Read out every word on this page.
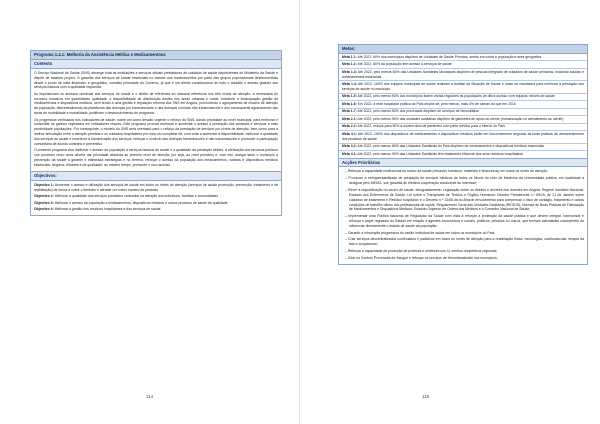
Programa 1.4.1: Melhoria da Assistência Médica e Medicamentosa
Contexto
O Serviço Nacional de Saúde (SNS) abrange toda as instituições e serviços oficiais prestadores de cuidados de saúde dependentes do Ministério da Saúde e dispõe de estatuto próprio. A garantia dos serviços de saúde essenciais no acesso aos medicamentos por parte das grupos populacionais desfavorecidas desde o ponto de vista financeiro e geográfico, constitui prioridade do Governo, já que é um direito constitucional de todo o cidadão o acesso gratuito aos serviços básicos com a qualidade requerida.
As impulsionam os acessos universal aos serviços de saúde e o direito de referência ao nacional referência nos três níveis de atenção, a necessária de recursos humanos em quantidades qualidade, a disponibilidade de distribuição destes nos áreas urbanas e rurais, fortalecer a inadequação gestão de medicamentos e dispositivos médicos, bem tendo a uma gestão e regulação reforma dos SNS em Angola, promovendo o agrupamento de modelo de atenção da população, descentralizando da plataforma das doenças por transmissíveis e das doenças crónicas não transmissíveis e dos consequente agravamento das taxas de morbilidade e mortalidade, justificam o desenvolvimento de programa.
Os progressos verificados nos indicadores de saúde, sobre um como desafio urgente o reforço do SNS, dando prioridade ao nível municipal, para melhorar e consolidar as ganhos registados em indicadores chaves. Este programa procura melhorar e aumentar o acesso à prestação dos cuidados e serviços a mais proximidade populações. Por conseguinte, o modelo do SNS será orientado para o reforço da prestação de serviços por níveis de atenção, bem como para a melhor articulação entre a atenção primária e os cuidados hospitalares por meio do completar de, com vista a aumentar a disponibilidade, melhorar a qualidade dos serviços de saúde e incentivar à humanização dos serviços, reforçar o controlo das doenças transmissíveis e não transmissíveis e promover a participação comunitária de acordo contrário e preventivo.
O presente programa visa melhorar o acesso da população a serviços básicos de saúde e a qualidade da prestação destes. A efetivação dos recursos públicos nos próximos cinco anos deverá dar prioridade absoluta ao primeiro nível de atenção (ou seja, ao nível primário) e, com isto, alargar tanto o município a prevenção da saúde a garantir e elaborada estratégias e no terreno, reforçar o acesso da população aos medicamentos, vacinas e dispositivos médicos essenciais, seguros, eficazes e de qualidade; ao mesmo tempo, promover o uso racional.
Objectivos:
Objectivo 1: Aumentar o acesso e utilização dos serviços de saúde em todos os níveis de atenção (serviços de saúde promoção, prevenção, tratamento e de reabilitação) de forma a cobrir o território e atender um maior número de pessoas
Objectivo 2: Melhorar a qualidade dos serviços prestados centrados na atenção aos indivíduos, famílias e comunidades
Objectivo 3: Melhorar o acesso da população a medicamentos, dispositivos médicos e outros produtos de saúde de qualidade
Objectivo 4: Melhorar a gestão dos resíduos hospitalares e dos serviços de saúde
114
Metas:
Meta 1.1: Até 2022, 60% dos municípios dispõem de Unidades de Saúde Primária, sendo em conta a população e área geográfica
Meta 1.2: Até 2022, 80% da população tem acesso a serviços de saúde
Meta 1.3: Até 2022, pelo menos 80% das Unidades Sanitárias Municipais dispõem de pessoal integrado de cuidados de saúde primários, incluindo saúdas e medicamentos essenciais
Meta 1.4: Até 2022, 100% dos equipes municipais de saúde realizam a Análise da Situação de Saúde e usam os resultados para melhorar a prestação dos serviços de saúde no município
Meta 1.5: Até 2022, pelo menos 90% dos municípios fazem visitas regulares às populações de difícil acesso com equipas móveis de saúde
Meta 1.6: Em 2022, a rede hospitalar pública do País dispõe de, pelo menos, mais 4% de camas do que em 2016
Meta 1.7: Até 2022, pelo menos 50% dos provinciais dispõem de serviços de hemodiálise
Meta 2.1: Até 2022, pelo menos 90% das unidades sanitárias dispõem de gabinetes de apoio ao utente (humanização no atendimento ao utente)
Meta 2.2: Até 2022, reduzir para 50% a mortes obra de pacientes com parto médico para o interior do País
Meta 3.1: Até 2022, 100% dos dispositivos de medicamentos e dispositivos médicos estão em funcionamento segundo as boas práticas de armazenamento dos produtos de saúde
Meta 3.2: Até 2022, pelo menos 80% das Unidades Sanitárias do País dispõem de medicamentos e dispositivos médicos essenciais
Meta 4.1: Até 2022, pelo menos 90% das Unidades Sanitárias têm tratamento eficiente dos seus resíduos hospitalares
Acções Prioritárias
– Reforçar a capacidade institucional do sector da saúde (recursos humanos, materiais e financeiros) em todos os níveis de atenção;
– Promover a enfrigoentabilidade de prestação de serviços médicos de todos os Níveis do ciclo de Medicina da Universidade pública, em localidade a designar pelo MINSA, sob garantia de efectiva cooperação condizente do interesse;
– Rever a requalificação no sector de saúde, designadamente: Legislação sobre os direitos e deveres dos doentes em Angola; Regime Sanitário Nacional; Estatuto dos Enfermeiros de Saúde; Lei sobre o Transplante de Tecidos e Órgãos Humanos; Decreto Presidencial n.º 69/15, de 21 de Janeiro sobre cuidados de tratamento e Resíduo hospitalar; e o Decreto n.º 13/08 da do Abordo envolvimento para compensar o risco de contágio, tratamento e outras condições de trabalho último dos profissionais de saúde, Regulamento Geral das Unidades Sanitárias (REGUS); Normas de Boas Práticas de Fabricação de Medicamentos e Dispositivos Médicos; Estatuto Orgânico de Ordem dos Médicos e o Conselho Nacional de Saúde;
– Implementar uma Política Nacional de Regulação da Saúde com vista a reforçar a protecção da saúde pública e que devem integrar, harmonizar e reforçar o papel regulador do Estado em relação a agentes económicos e sociais, públicos, privados ou outros, que tenham actividades susceptíveis de influenciar directamente o estado de saúde da população;
– Garantir a introdução progressiva do cartão individual de saúde em todos os municípios do País;
– Criar serviços descentralizados continuados e paliativos em todos os níveis de atenção para a reabilitação física, neurológica, cardiovascular, terapia da fala e ocupacional;
– Reforçar a capacidade de produção de próteses e ortóteses nos 11 centros ortopédicos regionais;
– Criar os Centros Provinciais de Sangue e reforçar os serviços de Hemotransfusão nos municípios;
115
